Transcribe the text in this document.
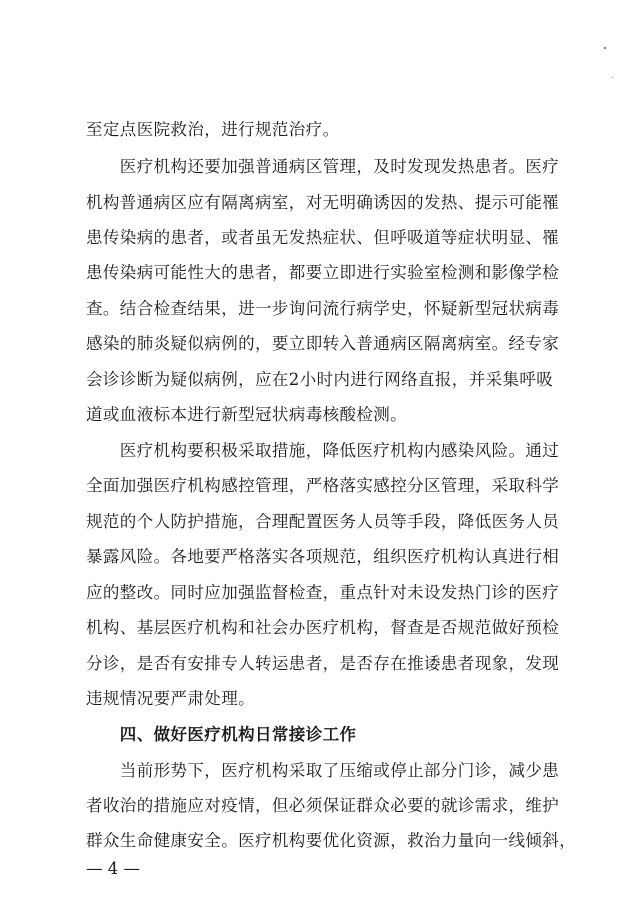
至定点医院救治，进行规范治疗。
　　医疗机构还要加强普通病区管理，及时发现发热患者。医疗
机构普通病区应有隔离病室，对无明确诱因的发热、提示可能罹
患传染病的患者，或者虽无发热症状、但呼吸道等症状明显、罹
患传染病可能性大的患者，都要立即进行实验室检测和影像学检
查。结合检查结果，进一步询问流行病学史，怀疑新型冠状病毒
感染的肺炎疑似病例的，要立即转入普通病区隔离病室。经专家
会诊诊断为疑似病例，应在2小时内进行网络直报，并采集呼吸
道或血液标本进行新型冠状病毒核酸检测。
　　医疗机构要积极采取措施，降低医疗机构内感染风险。通过
全面加强医疗机构感控管理，严格落实感控分区管理，采取科学
规范的个人防护措施，合理配置医务人员等手段，降低医务人员
暴露风险。各地要严格落实各项规范，组织医疗机构认真进行相
应的整改。同时应加强监督检查，重点针对未设发热门诊的医疗
机构、基层医疗机构和社会办医疗机构，督查是否规范做好预检
分诊，是否有安排专人转运患者，是否存在推诿患者现象，发现
违规情况要严肃处理。
　　四、做好医疗机构日常接诊工作
　　当前形势下，医疗机构采取了压缩或停止部分门诊，减少患
者收治的措施应对疫情，但必须保证群众必要的就诊需求，维护
群众生命健康安全。医疗机构要优化资源，救治力量向一线倾斜，
— 4 —
